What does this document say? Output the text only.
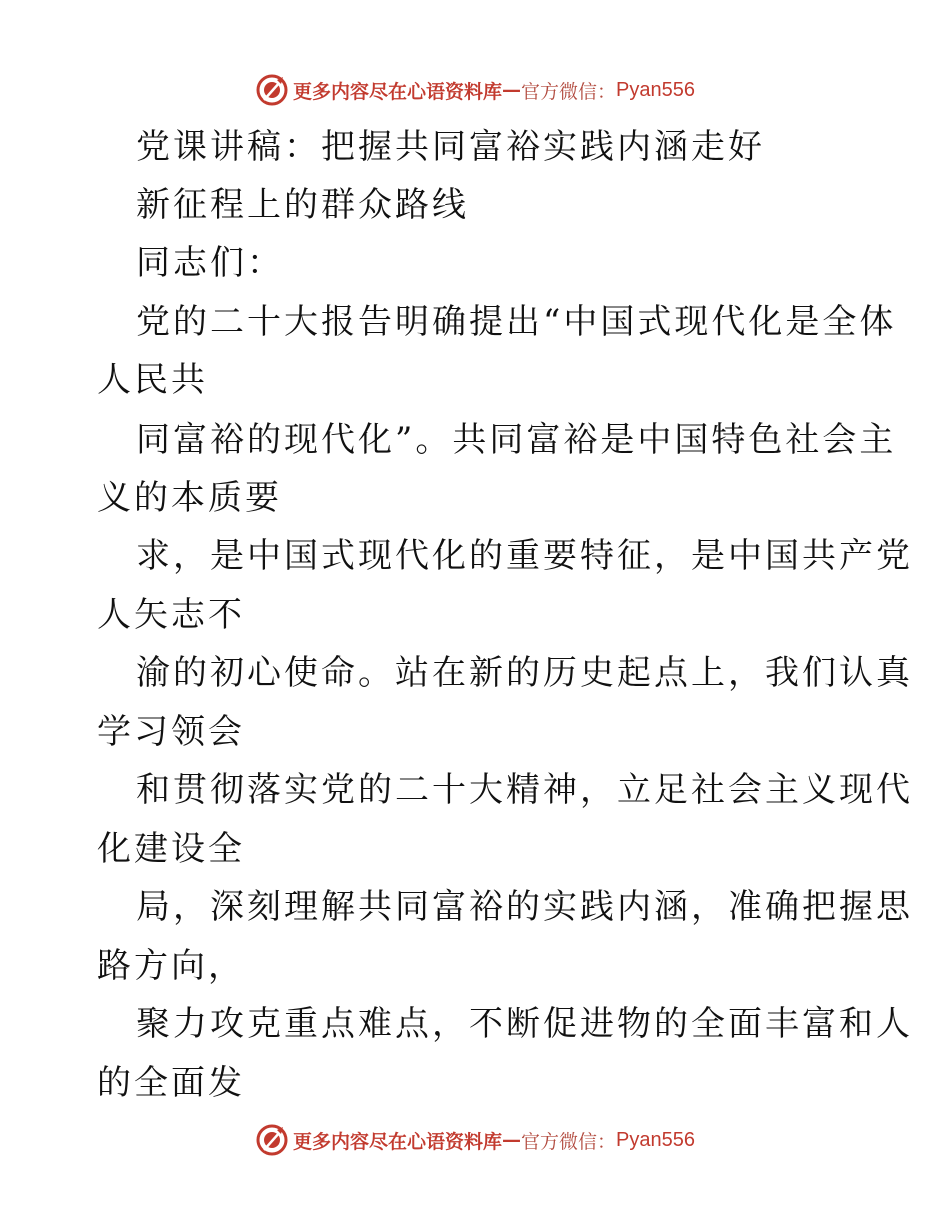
更多内容尽在心语资料库 — 官方微信： Pyan556
党课讲稿：把握共同富裕实践内涵走好
新征程上的群众路线
同志们：
党的二十大报告明确提出“中国式现代化是全体
人民共
同富裕的现代化”。共同富裕是中国特色社会主
义的本质要
求，是中国式现代化的重要特征，是中国共产党
人矢志不
渝的初心使命。站在新的历史起点上，我们认真
学习领会
和贯彻落实党的二十大精神，立足社会主义现代
化建设全
局，深刻理解共同富裕的实践内涵，准确把握思
路方向，
聚力攻克重点难点，不断促进物的全面丰富和人
的全面发
更多内容尽在心语资料库 — 官方微信： Pyan556
